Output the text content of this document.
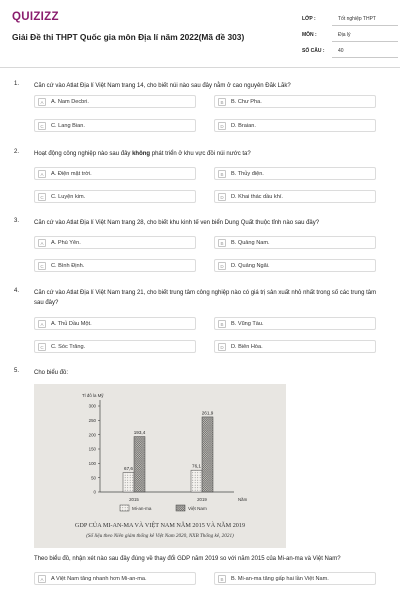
QUIZIZZ
Giải Đề thi THPT Quốc gia môn Địa lí năm 2022(Mã đề 303)
LỚP :	Tốt nghiệp THPT
MÔN :	Địa lý
SỐ CÂU :	40
1. Căn cứ vào Atlat Địa lí Việt Nam trang 14, cho biết núi nào sau đây nằm ở cao nguyên Đăk Lăk?
A	A. Nam Decbri.	B	B. Chư Pha.
C	C. Lang Bian.	D	D. Braian.
2. Hoạt động công nghiệp nào sau đây không phát triển ở khu vực đồi núi nước ta?
A	A. Điện mặt trời.	B	B. Thủy điện.
C	C. Luyện kim.	D	D. Khai thác dầu khí.
3. Căn cứ vào Atlat Địa lí Việt Nam trang 28, cho biết khu kinh tế ven biển Dung Quất thuộc tỉnh nào sau đây?
A	A. Phú Yên.	B	B. Quảng Nam.
C	C. Bình Định.	D	D. Quảng Ngãi.
4. Căn cứ vào Atlat Địa lí Việt Nam trang 21, cho biết trung tâm công nghiệp nào có giá trị sản xuất nhỏ nhất trong số các trung tâm sau đây?
A	A. Thủ Dầu Một.	B	B. Vũng Tàu.
C	C. Sóc Trăng.	D	D. Biên Hòa.
5. Cho biểu đồ:
Tỉ đô la Mỹ
Năm
0
50
100
150
200
250
300
2015	2019
67,6
193,4
76,1
261,9
Mi-an-ma	Việt Nam
GDP CỦA MI-AN-MA VÀ VIỆT NAM NĂM 2015 VÀ NĂM 2019
(Số liệu theo Niên giám thống kê Việt Nam 2020, NXB Thống kê, 2021)
Theo biểu đồ, nhận xét nào sau đây đúng về thay đổi GDP năm 2019 so với năm 2015 của Mi-an-ma và Việt Nam?
A	A Việt Nam tăng nhanh hơn Mi-an-ma.	B	B. Mi-an-ma tăng gấp hai lần Việt Nam.
